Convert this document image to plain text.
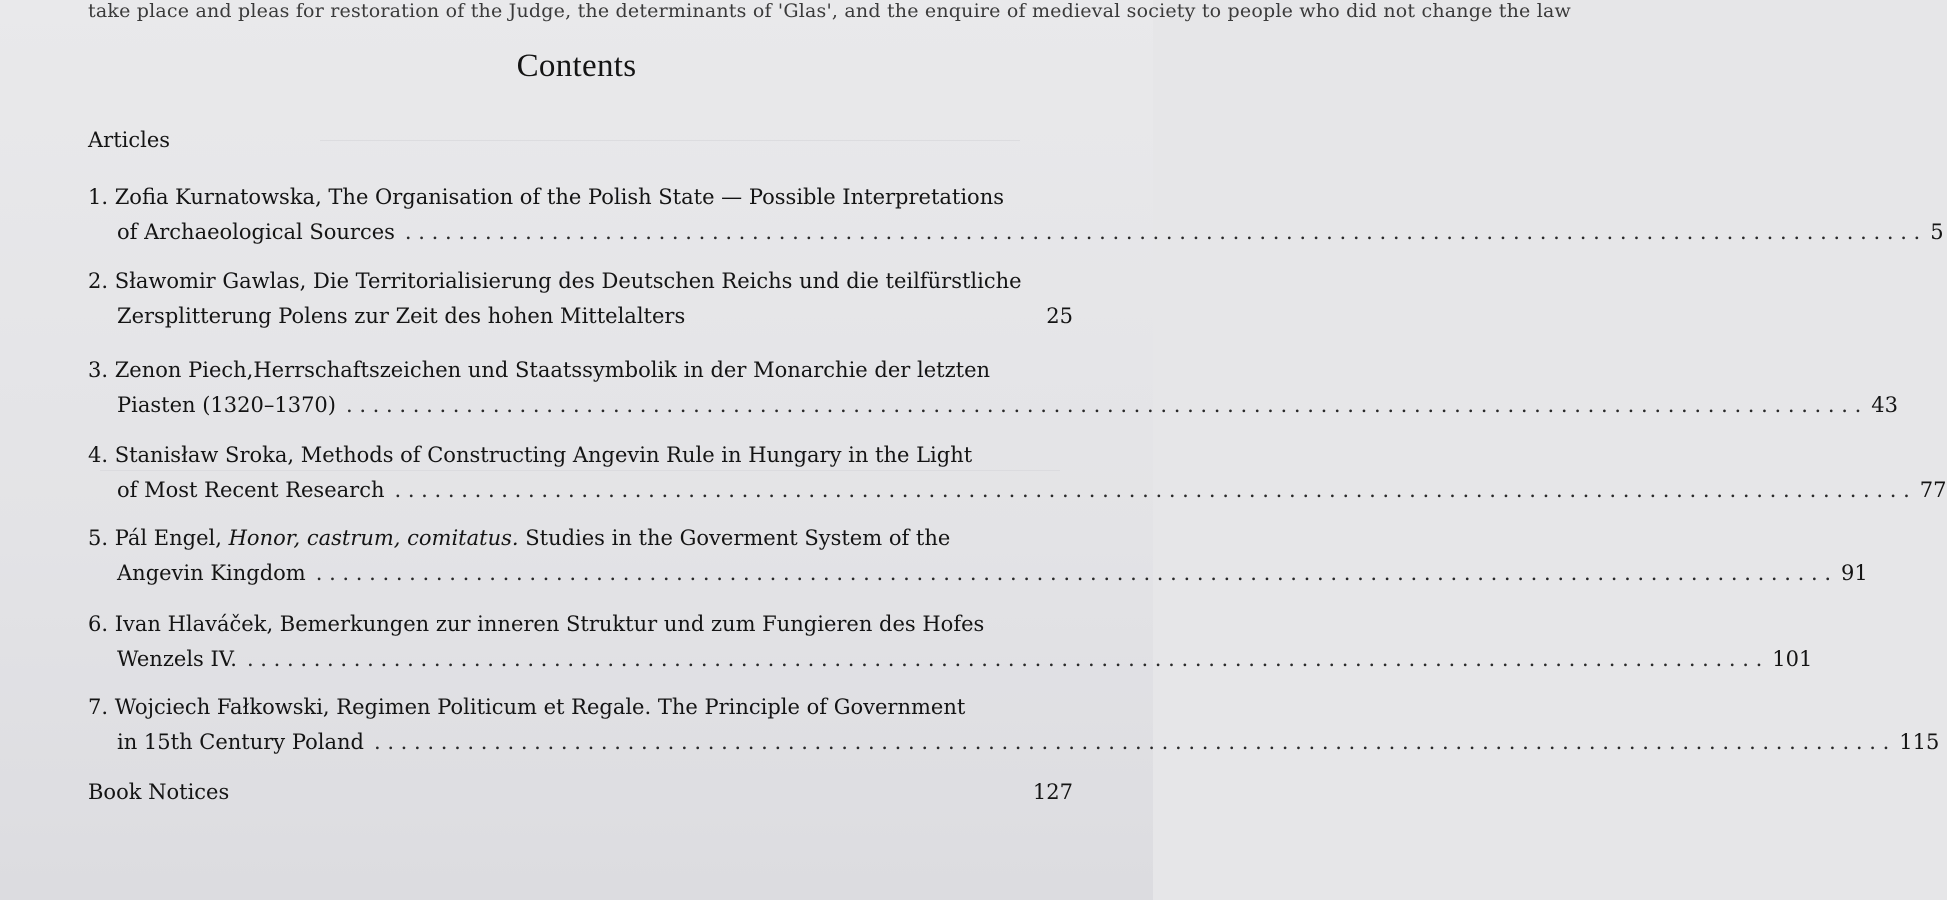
take place and pleas for restoration of the Judge, the determinants of 'Glas', and the enquire of medieval society to people who did not change the law
Contents
Articles
1. Zofia Kurnatowska, The Organisation of the Polish State — Possible Interpretations
of Archaeological Sources . . .	5
2. Sławomir Gawlas, Die Territorialisierung des Deutschen Reichs und die teilfürstliche
Zersplitterung Polens zur Zeit des hohen Mittelalters	25
3. Zenon Piech,Herrschaftszeichen und Staatssymbolik in der Monarchie der letzten
Piasten (1320–1370) . . .	43
4. Stanisław Sroka, Methods of Constructing Angevin Rule in Hungary in the Light
of Most Recent Research . . .	77
5. Pál Engel, Honor, castrum, comitatus. Studies in the Goverment System of the
Angevin Kingdom . . .	91
6. Ivan Hlaváček, Bemerkungen zur inneren Struktur und zum Fungieren des Hofes
Wenzels IV. . . .	101
7. Wojciech Fałkowski, Regimen Politicum et Regale. The Principle of Government
in 15th Century Poland . . .	115
Book Notices	127
